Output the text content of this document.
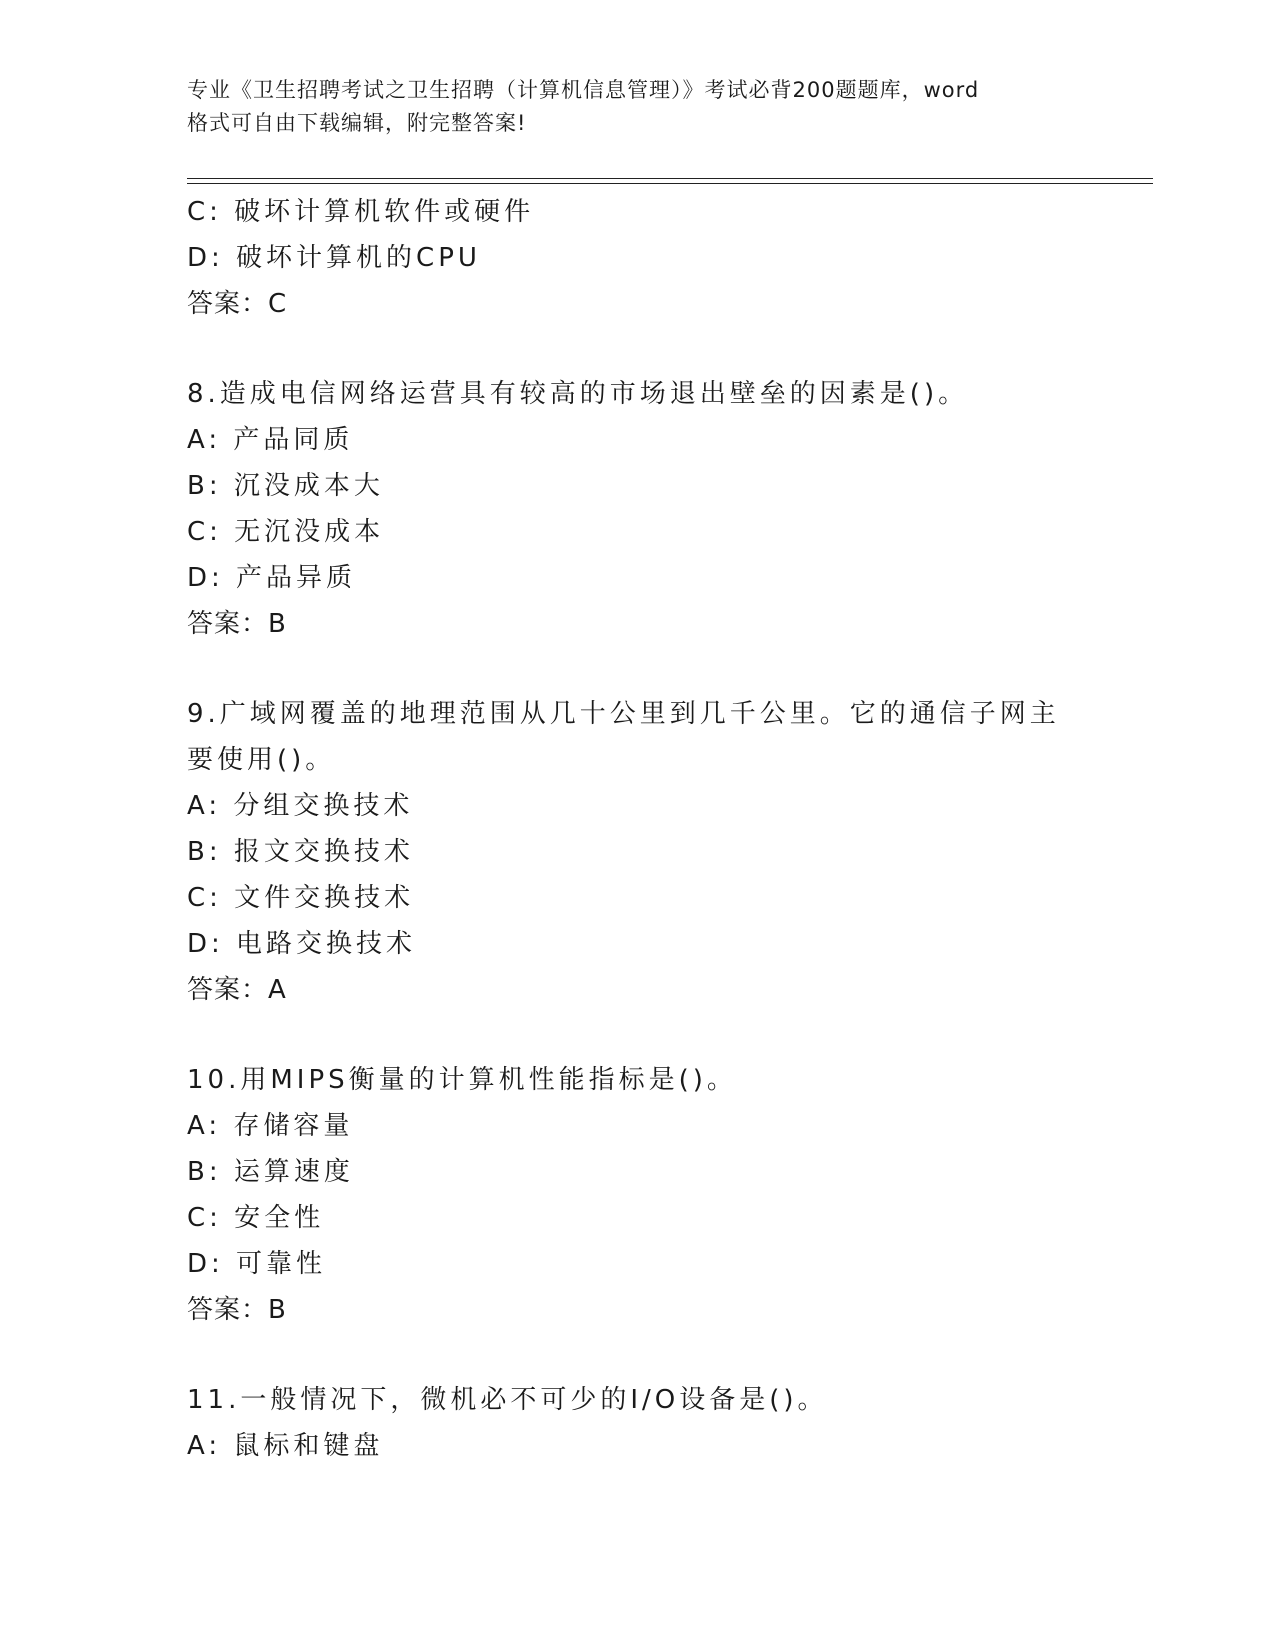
专业《卫生招聘考试之卫生招聘（计算机信息管理）》考试必背200题题库，word
格式可自由下载编辑，附完整答案!
C: 破坏计算机软件或硬件
D: 破坏计算机的CPU
答案：C
8.造成电信网络运营具有较高的市场退出壁垒的因素是()。
A: 产品同质
B: 沉没成本大
C: 无沉没成本
D: 产品异质
答案：B
9.广域网覆盖的地理范围从几十公里到几千公里。它的通信子网主要使用()。
A: 分组交换技术
B: 报文交换技术
C: 文件交换技术
D: 电路交换技术
答案：A
10.用MIPS衡量的计算机性能指标是()。
A: 存储容量
B: 运算速度
C: 安全性
D: 可靠性
答案：B
11.一般情况下，微机必不可少的I/O设备是()。
A: 鼠标和键盘
